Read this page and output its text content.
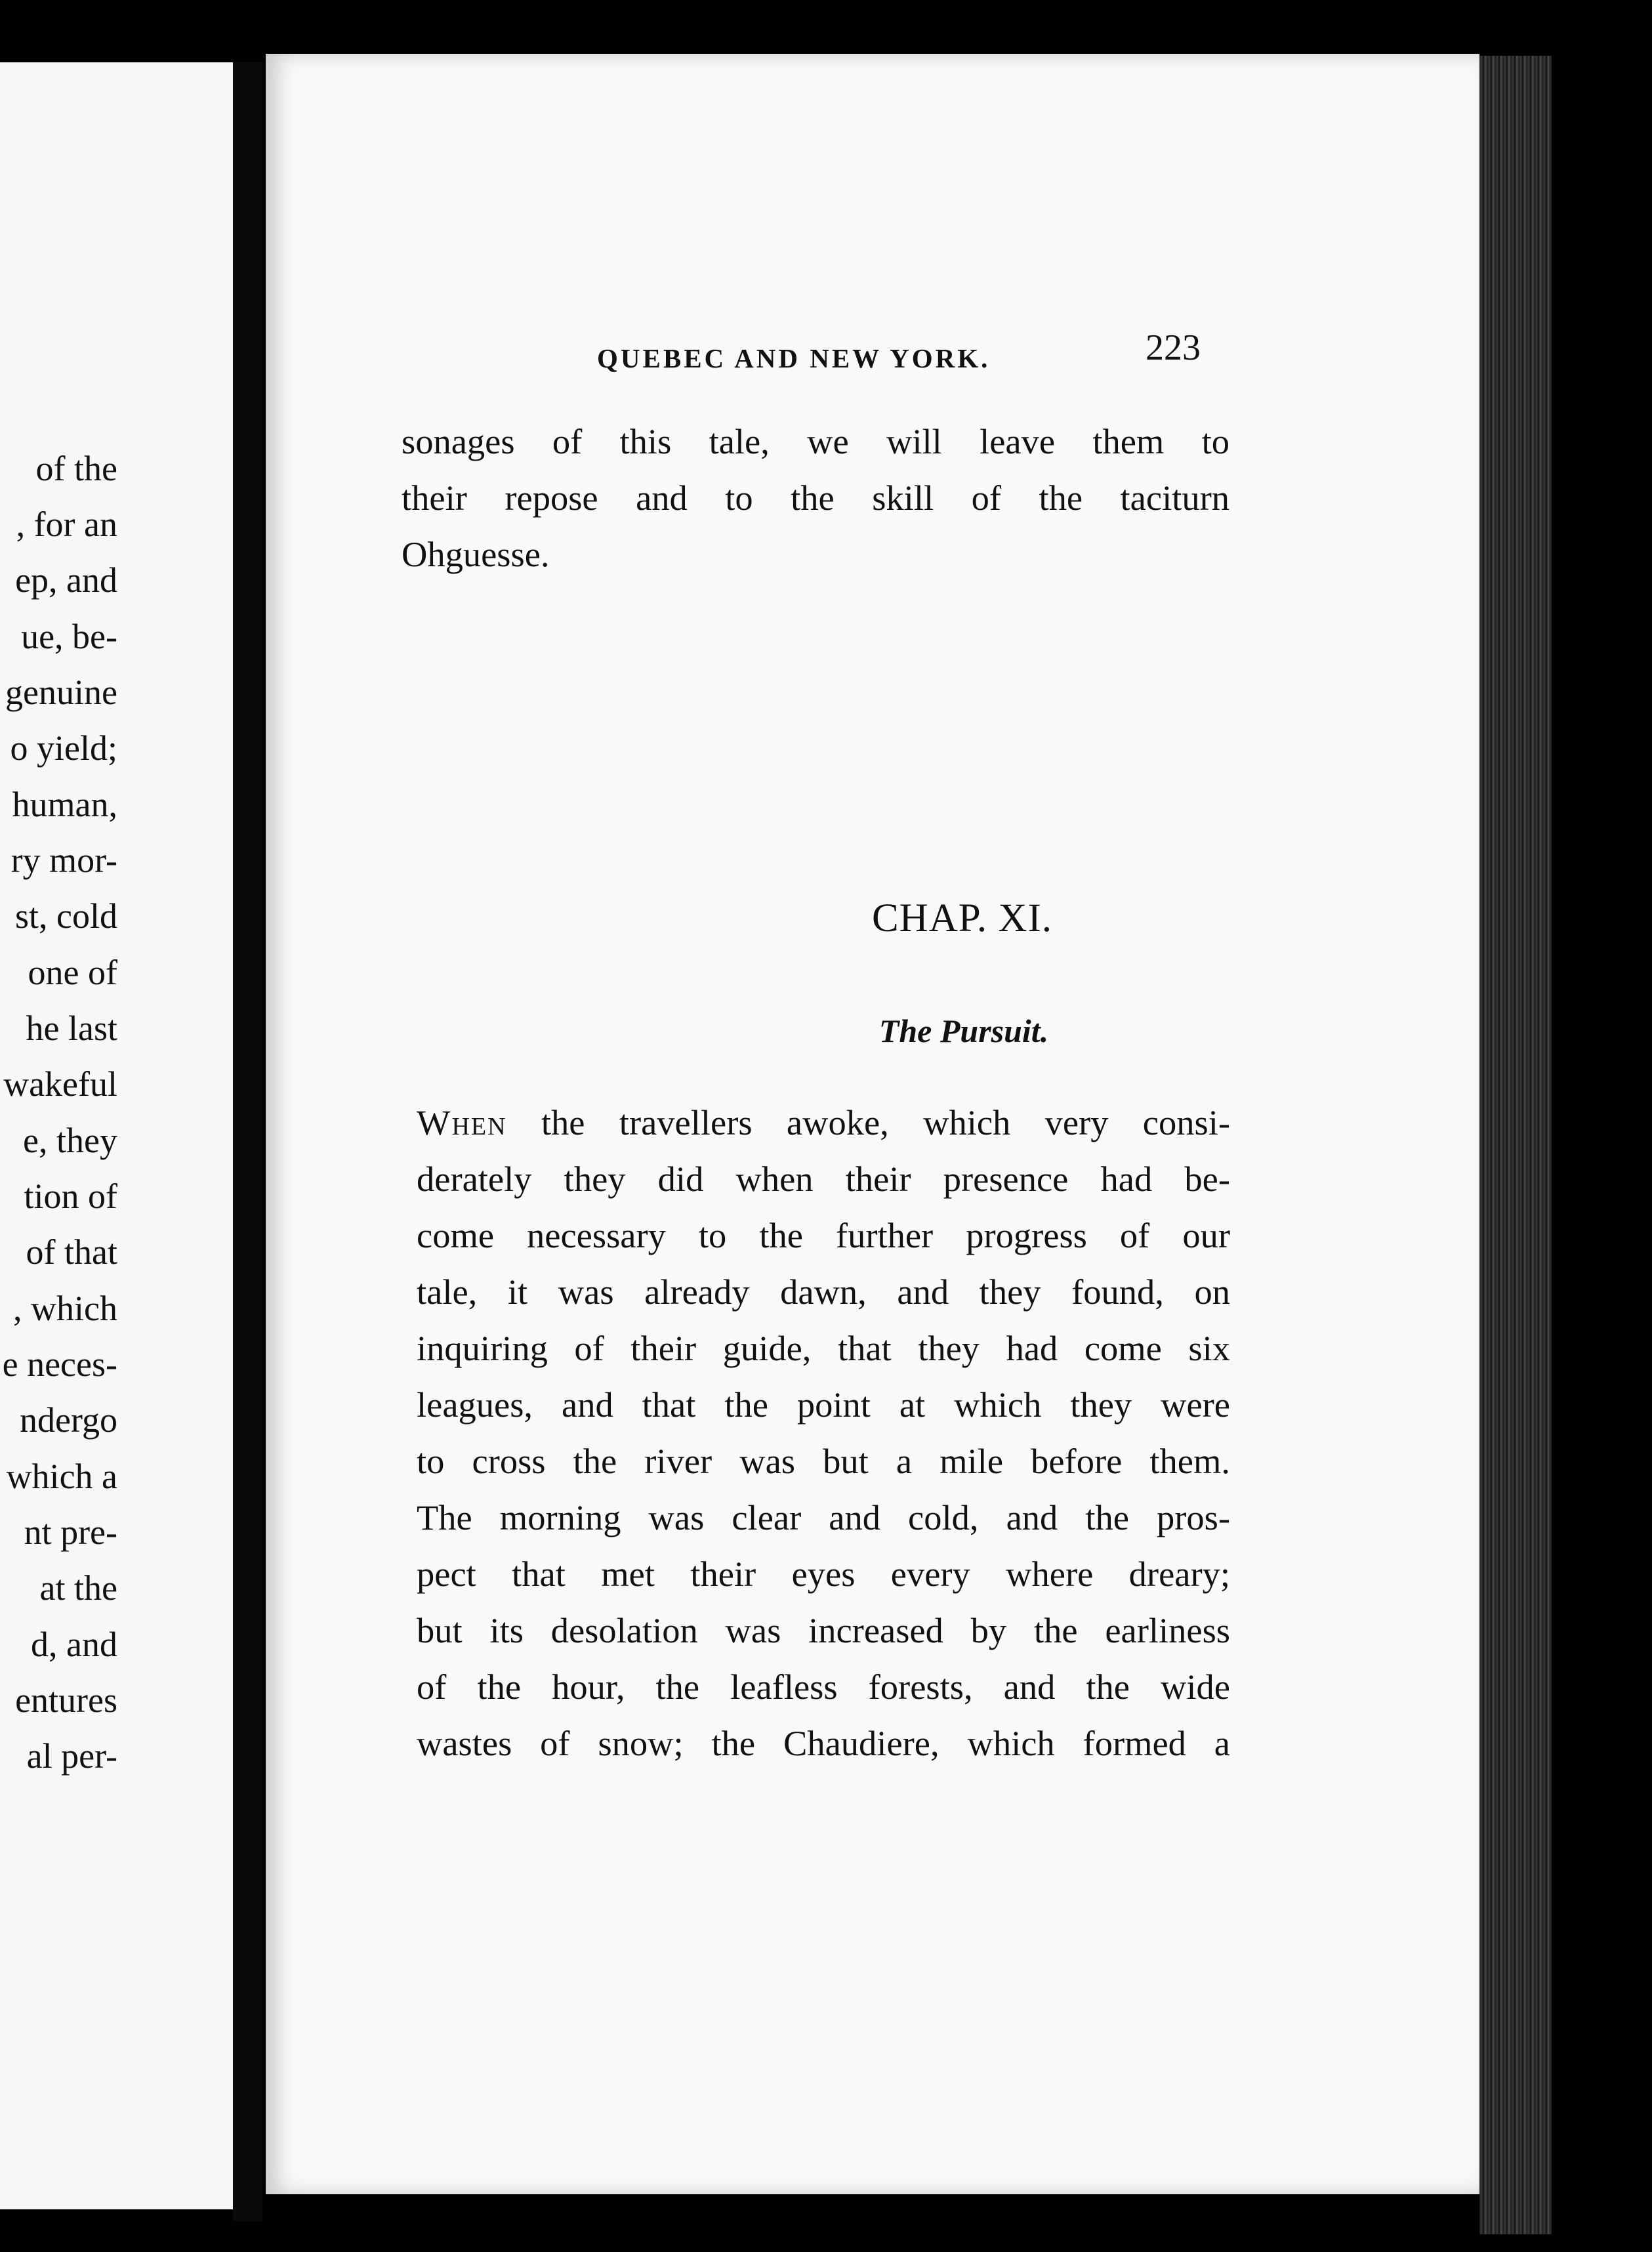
of the
, for an
ep, and
ue, be-
genuine
o yield;
human,
ry mor-
st, cold
one of
he last
wakeful
e, they
tion of
of that
, which
e neces-
ndergo
which a
nt pre-
at the
d, and
entures
al per-
QUEBEC AND NEW YORK.	223
sonages of this tale, we will leave them to
their repose and to the skill of the taciturn
Ohguesse.
CHAP. XI.
The Pursuit.
When the travellers awoke, which very consi-
derately they did when their presence had be-
come necessary to the further progress of our
tale, it was already dawn, and they found, on
inquiring of their guide, that they had come six
leagues, and that the point at which they were
to cross the river was but a mile before them.
The morning was clear and cold, and the pros-
pect that met their eyes every where dreary;
but its desolation was increased by the earliness
of the hour, the leafless forests, and the wide
wastes of snow; the Chaudiere, which formed a
